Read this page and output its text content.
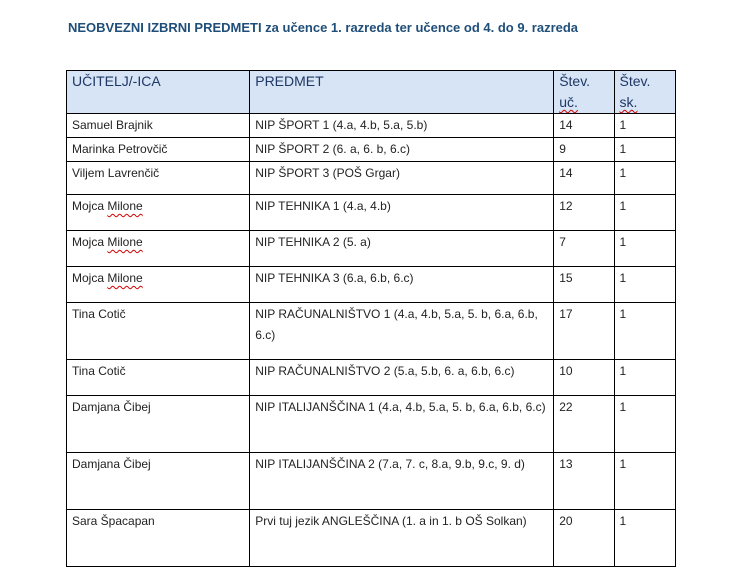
NEOBVEZNI IZBRNI PREDMETI za učence 1. razreda ter učence od 4. do 9. razreda
UČITELJ/-ICA	PREDMET	Štev. uč.	Štev. sk.
Samuel Brajnik	NIP ŠPORT 1 (4.a, 4.b, 5.a, 5.b)	14	1
Marinka Petrovčič	NIP ŠPORT 2 (6. a, 6. b, 6.c)	9	1
Viljem Lavrenčič	NIP ŠPORT 3 (POŠ Grgar)	14	1
Mojca Milone	NIP TEHNIKA 1 (4.a, 4.b)	12	1
Mojca Milone	NIP TEHNIKA 2 (5. a)	7	1
Mojca Milone	NIP TEHNIKA 3 (6.a, 6.b, 6.c)	15	1
Tina Cotič	NIP RAČUNALNIŠTVO 1 (4.a, 4.b, 5.a, 5. b, 6.a, 6.b, 6.c)	17	1
Tina Cotič	NIP RAČUNALNIŠTVO 2 (5.a, 5.b, 6. a, 6.b, 6.c)	10	1
Damjana Čibej	NIP ITALIJANŠČINA 1 (4.a, 4.b, 5.a, 5. b, 6.a, 6.b, 6.c)	22	1
Damjana Čibej	NIP ITALIJANŠČINA 2 (7.a, 7. c, 8.a, 9.b, 9.c, 9. d)	13	1
Sara Špacapan	Prvi tuj jezik ANGLEŠČINA (1. a in 1. b OŠ Solkan)	20	1
